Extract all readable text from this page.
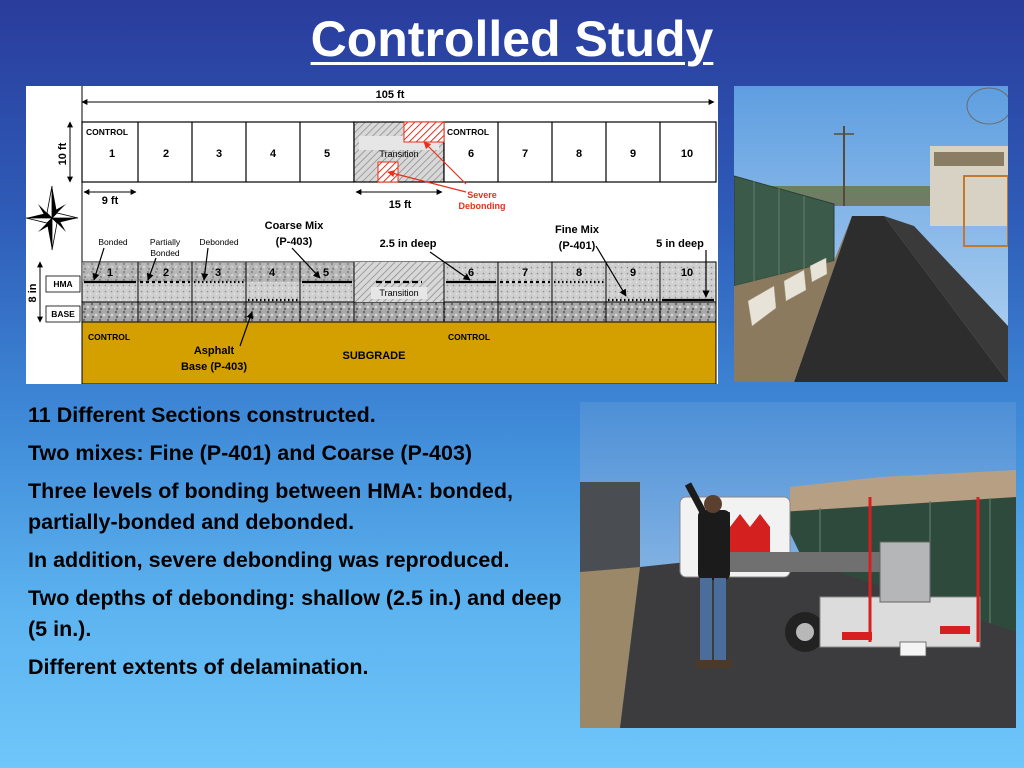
Controlled Study
105 ft
10 ft
CONTROL	CONTROL
1	2	3	4	5	6	7	8	9	10
Transition
Severe
Debonding
9 ft	15 ft
Bonded	Partially
Bonded
Debonded
Coarse Mix
(P-403)	2.5 in deep
Fine Mix
(P-401)	5 in deep
8 in HMA
BASE
1	2	3	4	5	6	7	8	9	10
Transition
CONTROL	CONTROL
Asphalt
Base (P-403)
SUBGRADE

11 Different Sections constructed.

Two mixes: Fine (P-401) and Coarse (P-403)

Three levels of bonding between HMA: bonded, partially-bonded and debonded.

In addition, severe debonding was reproduced.

Two depths of debonding: shallow (2.5 in.) and deep (5 in.).

Different extents of delamination.
